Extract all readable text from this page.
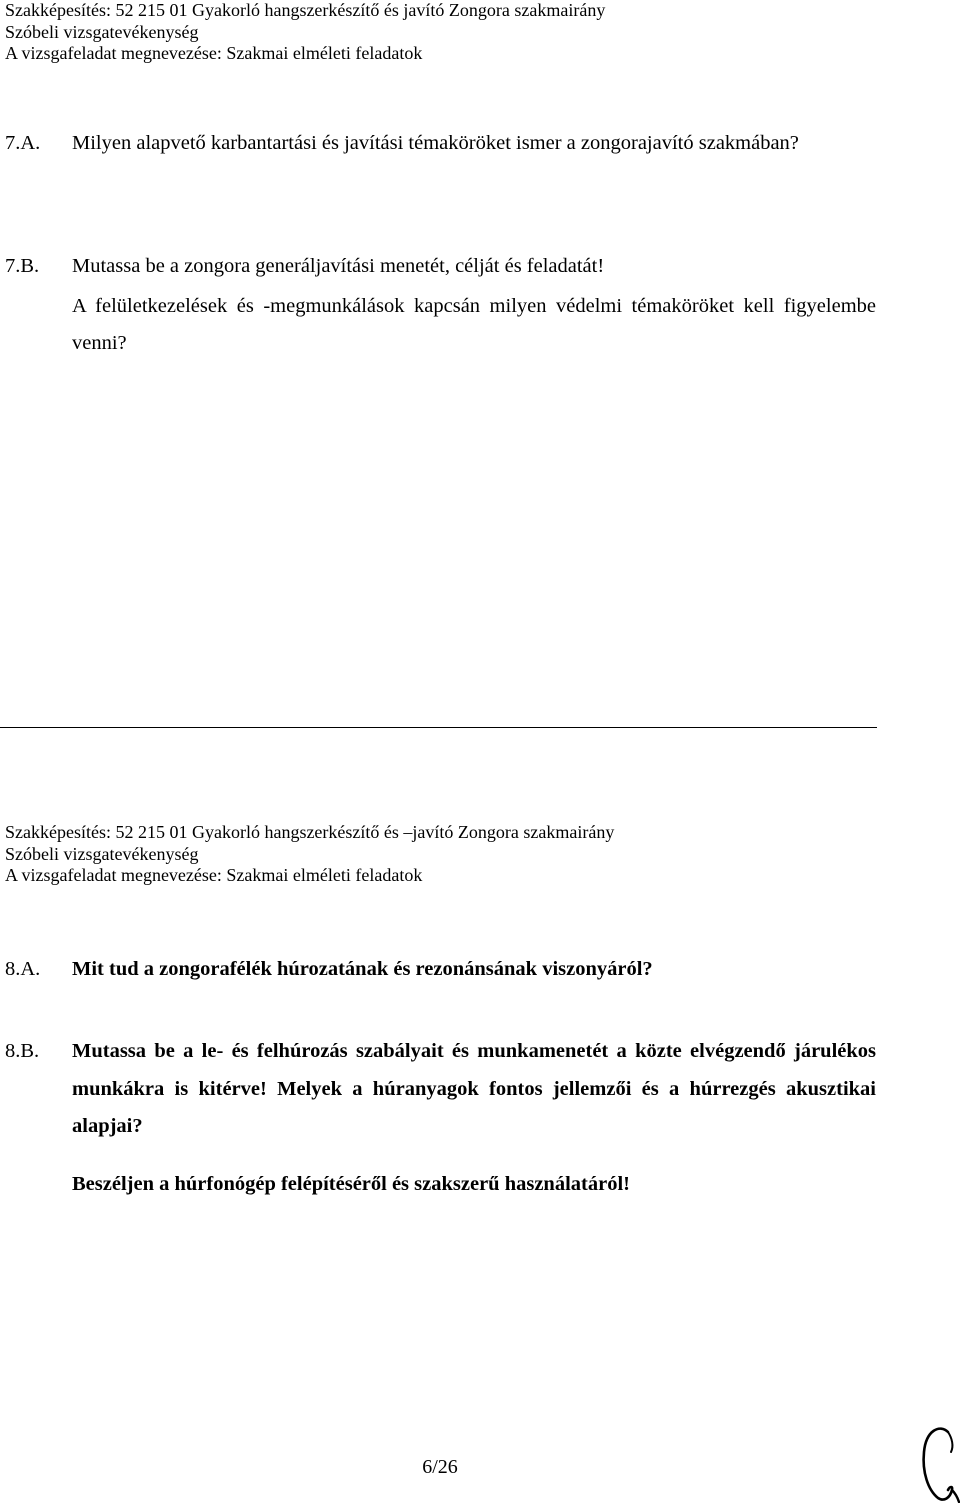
Szakképesítés: 52 215 01 Gyakorló hangszerkészítő és javító Zongora szakmairány
Szóbeli vizsgatevékenység
A vizsgafeladat megnevezése: Szakmai elméleti feladatok
7.A. Milyen alapvető karbantartási és javítási témaköröket ismer a zongorajavító szakmában?
7.B. Mutassa be a zongora generáljavítási menetét, célját és feladatát!
A felületkezelések és -megmunkálások kapcsán milyen védelmi témaköröket kell figyelembe venni?
Szakképesítés: 52 215 01 Gyakorló hangszerkészítő és –javító Zongora szakmairány
Szóbeli vizsgatevékenység
A vizsgafeladat megnevezése: Szakmai elméleti feladatok
8.A. Mit tud a zongorafélék húrozatának és rezonánsának viszonyáról?
8.B. Mutassa be a le- és felhúrozás szabályait és munkamenetét a közte elvégzendő járulékos munkákra is kitérve! Melyek a húranyagok fontos jellemzői és a húrrezgés akusztikai alapjai?
Beszéljen a húrfonógép felépítéséről és szakszerű használatáról!
6/26
